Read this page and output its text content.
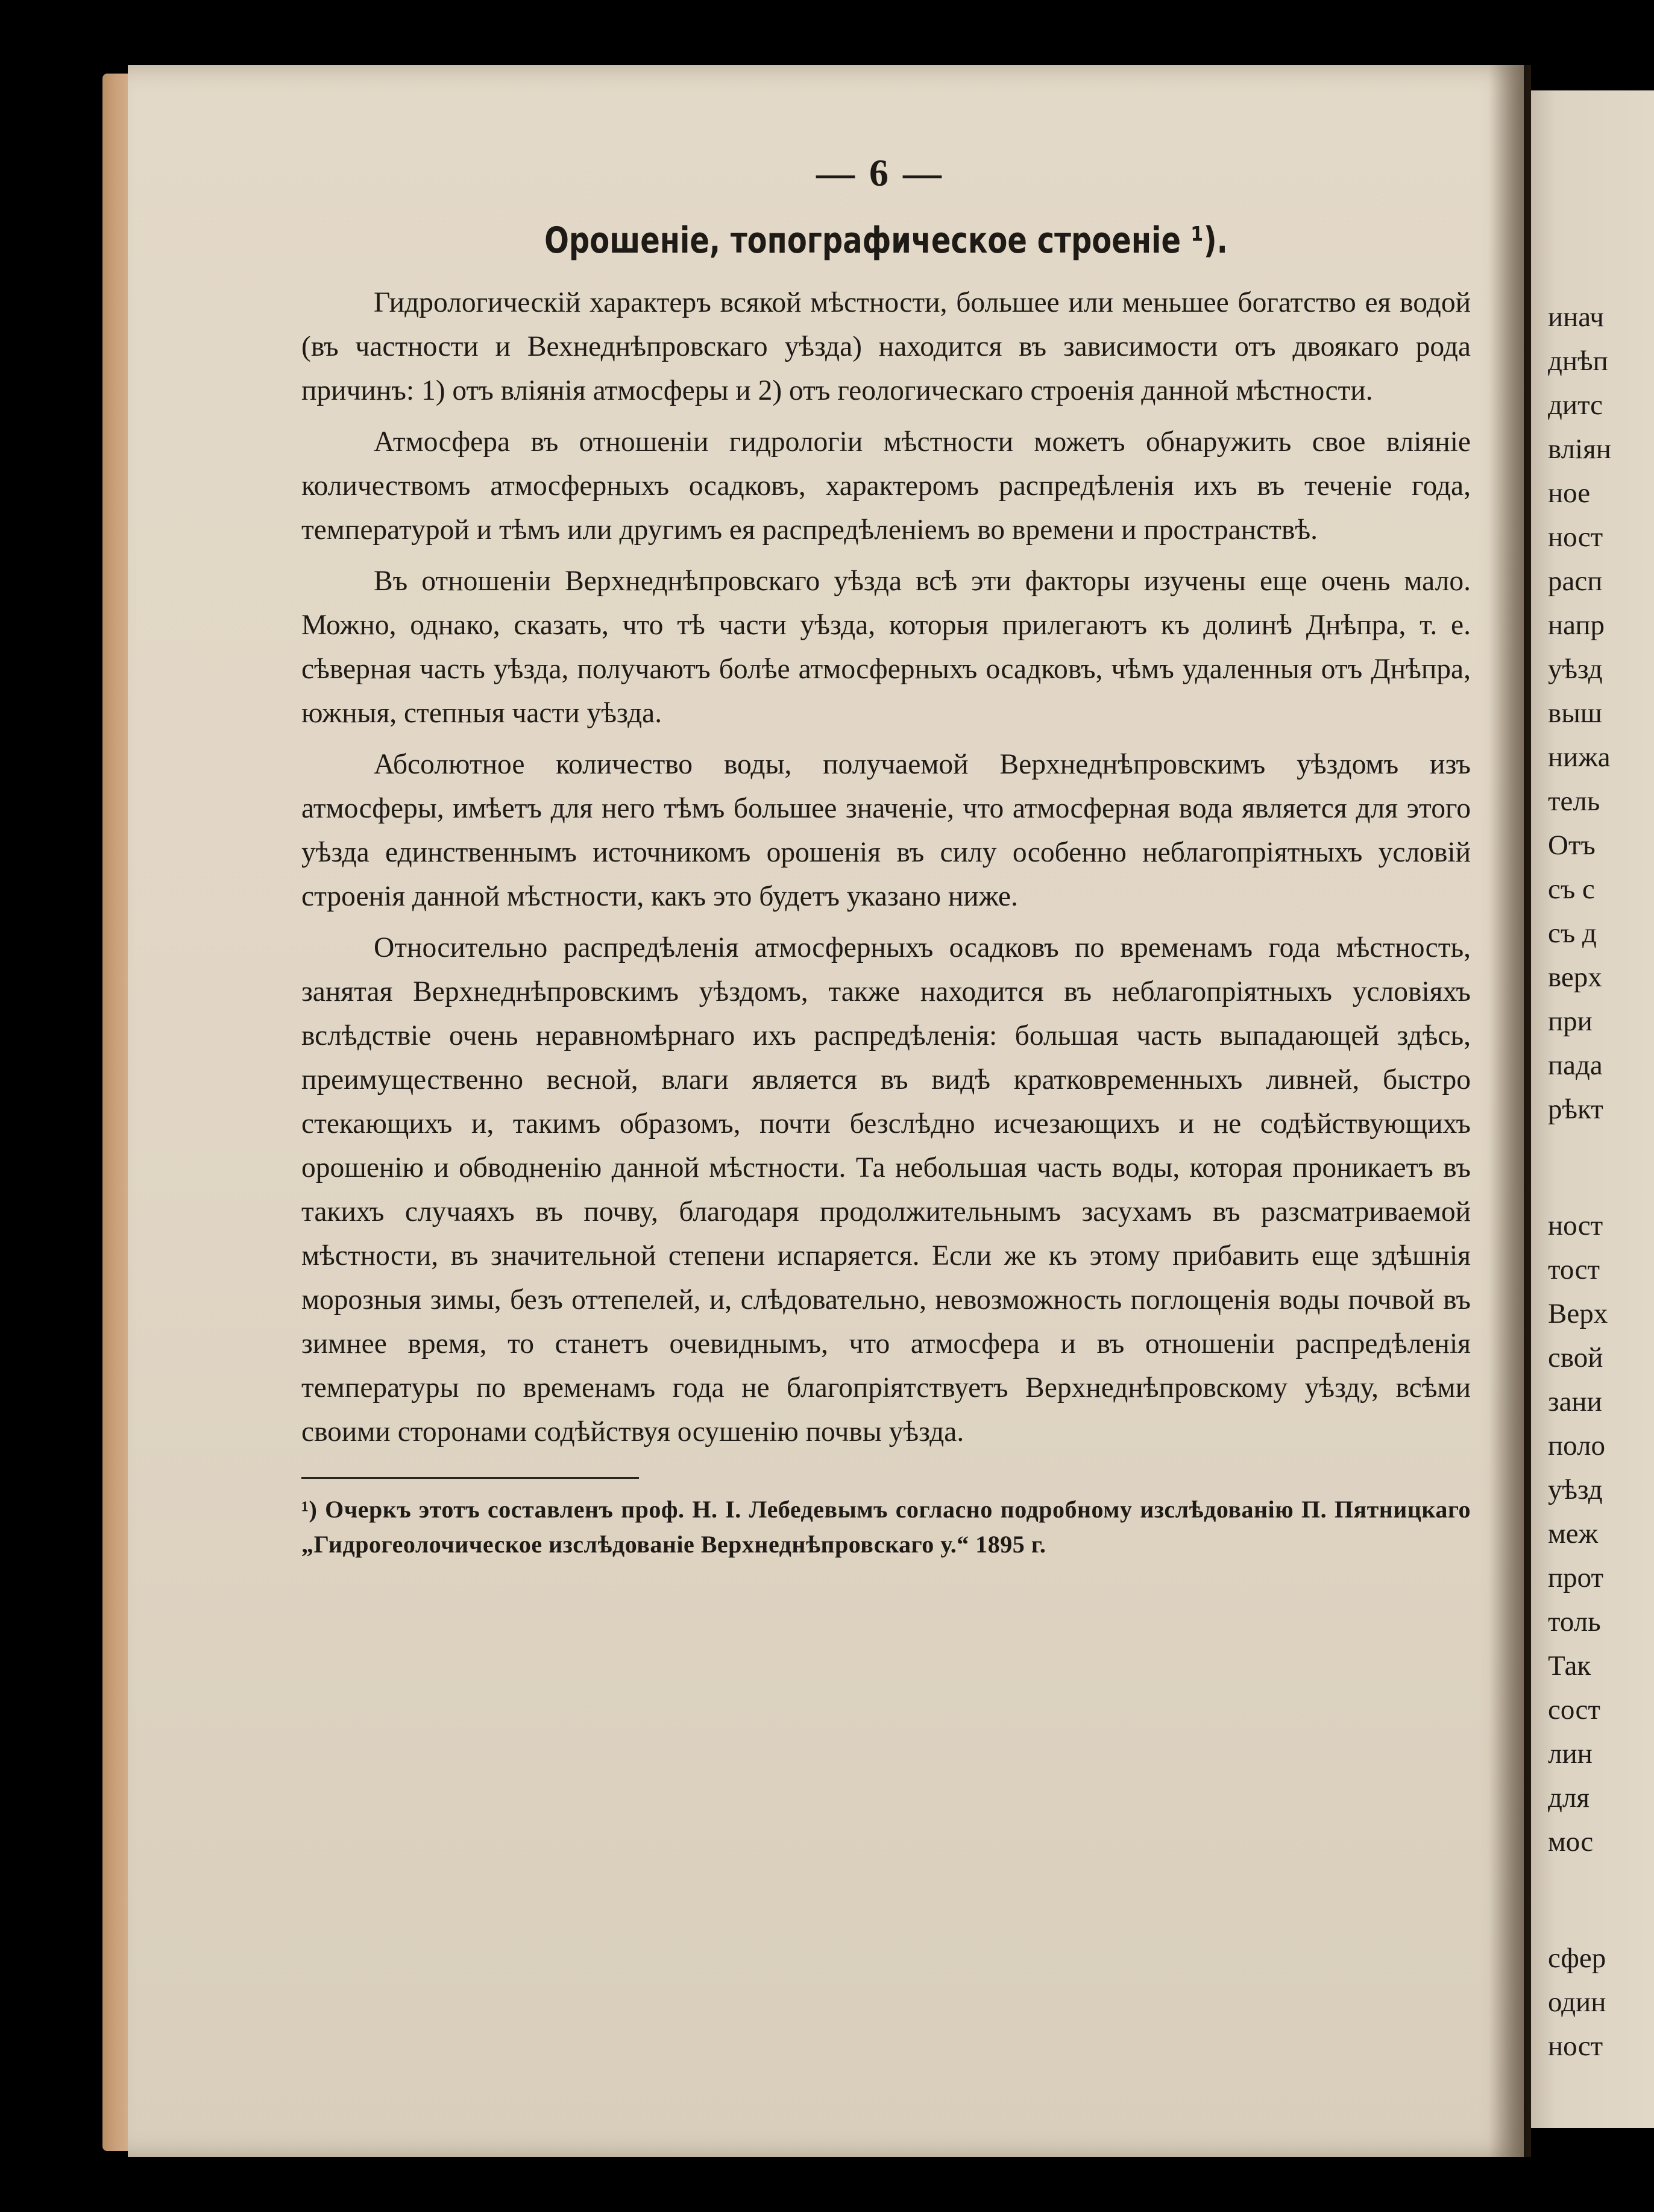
инач
днѣп
дитс
вліян
ное
ност
расп
напр
уѣзд
выш
нижа
тель
Отъ
съ с
съ д
верх
при
пада
рѣкт
ност
тост
Верх
свой
зани
поло
уѣзд
меж
прот
толь
Так
сост
лин
для
мос
сфер
один
ност
— 6 —
Орошеніе, топографическое строеніе ¹).

Гидрологическій характеръ всякой мѣстности, большее или меньшее богатство ея водой (въ частности и Вехнеднѣпровскаго уѣзда) находится въ зависимости отъ двоякаго рода причинъ: 1) отъ вліянія атмосферы и 2) отъ геологическаго строенія данной мѣстности.

Атмосфера въ отношеніи гидрологіи мѣстности можетъ обнаружить свое вліяніе количествомъ атмосферныхъ осадковъ, характеромъ распредѣленія ихъ въ теченіе года, температурой и тѣмъ или другимъ ея распредѣленіемъ во времени и пространствѣ.

Въ отношеніи Верхнеднѣпровскаго уѣзда всѣ эти факторы изучены еще очень мало. Можно, однако, сказать, что тѣ части уѣзда, которыя прилегаютъ къ долинѣ Днѣпра, т. е. сѣверная часть уѣзда, получаютъ болѣе атмосферныхъ осадковъ, чѣмъ удаленныя отъ Днѣпра, южныя, степныя части уѣзда.

Абсолютное количество воды, получаемой Верхнеднѣпровскимъ уѣздомъ изъ атмосферы, имѣетъ для него тѣмъ большее значеніе, что атмосферная вода является для этого уѣзда единственнымъ источникомъ орошенія въ силу особенно неблагопріятныхъ условій строенія данной мѣстности, какъ это будетъ указано ниже.

Относительно распредѣленія атмосферныхъ осадковъ по временамъ года мѣстность, занятая Верхнеднѣпровскимъ уѣздомъ, также находится въ неблагопріятныхъ условіяхъ вслѣдствіе очень неравномѣрнаго ихъ распредѣленія: большая часть выпадающей здѣсь, преимущественно весной, влаги является въ видѣ кратковременныхъ ливней, быстро стекающихъ и, такимъ образомъ, почти безслѣдно исчезающихъ и не содѣйствующихъ орошенію и обводненію данной мѣстности. Та небольшая часть воды, которая проникаетъ въ такихъ случаяхъ въ почву, благодаря продолжительнымъ засухамъ въ разсматриваемой мѣстности, въ значительной степени испаряется. Если же къ этому прибавить еще здѣшнія морозныя зимы, безъ оттепелей, и, слѣдовательно, невозможность поглощенія воды почвой въ зимнее время, то станетъ очевиднымъ, что атмосфера и въ отношеніи распредѣленія температуры по временамъ года не благопріятствуетъ Верхнеднѣпровскому уѣзду, всѣми своими сторонами содѣйствуя осушенію почвы уѣзда.

¹) Очеркъ этотъ составленъ проф. Н. І. Лебедевымъ согласно подробному изслѣдованію П. Пятницкаго „Гидрогеолочическое изслѣдованіе Верхнеднѣпровскаго у.“ 1895 г.
